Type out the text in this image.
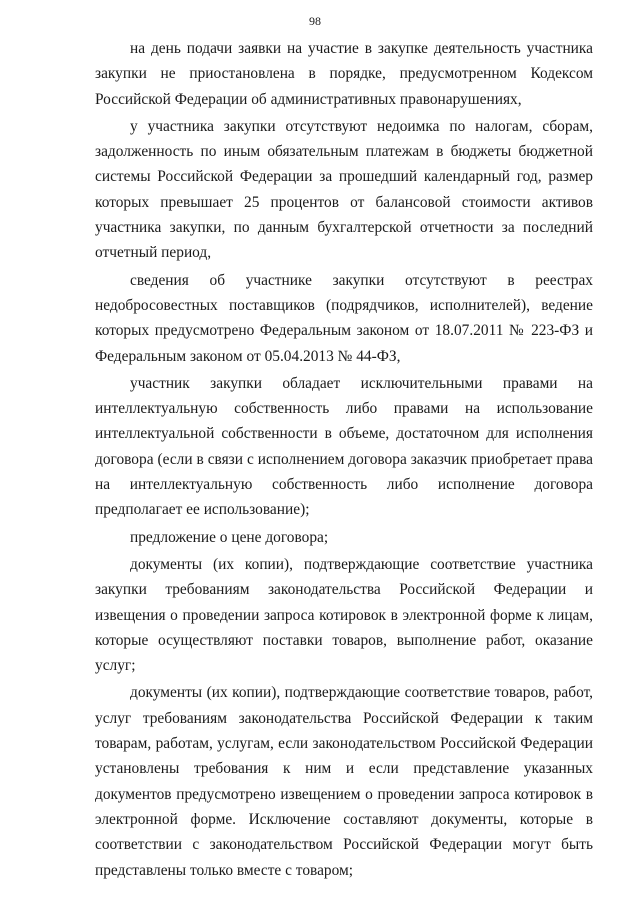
98

на день подачи заявки на участие в закупке деятельность участника закупки не приостановлена в порядке, предусмотренном Кодексом Российской Федерации об административных правонарушениях,

у участника закупки отсутствуют недоимка по налогам, сборам, задолженность по иным обязательным платежам в бюджеты бюджетной системы Российской Федерации за прошедший календарный год, размер которых превышает 25 процентов от балансовой стоимости активов участника закупки, по данным бухгалтерской отчетности за последний отчетный период,

сведения об участнике закупки отсутствуют в реестрах недобросовестных поставщиков (подрядчиков, исполнителей), ведение которых предусмотрено Федеральным законом от 18.07.2011 № 223-ФЗ и Федеральным законом от 05.04.2013 № 44-ФЗ,

участник закупки обладает исключительными правами на интеллектуальную собственность либо правами на использование интеллектуальной собственности в объеме, достаточном для исполнения договора (если в связи с исполнением договора заказчик приобретает права на интеллектуальную собственность либо исполнение договора предполагает ее использование);

предложение о цене договора;

документы (их копии), подтверждающие соответствие участника закупки требованиям законодательства Российской Федерации и извещения о проведении запроса котировок в электронной форме к лицам, которые осуществляют поставки товаров, выполнение работ, оказание услуг;

документы (их копии), подтверждающие соответствие товаров, работ, услуг требованиям законодательства Российской Федерации к таким товарам, работам, услугам, если законодательством Российской Федерации установлены требования к ним и если представление указанных документов предусмотрено извещением о проведении запроса котировок в электронной форме. Исключение составляют документы, которые в соответствии с законодательством Российской Федерации могут быть представлены только вместе с товаром;
